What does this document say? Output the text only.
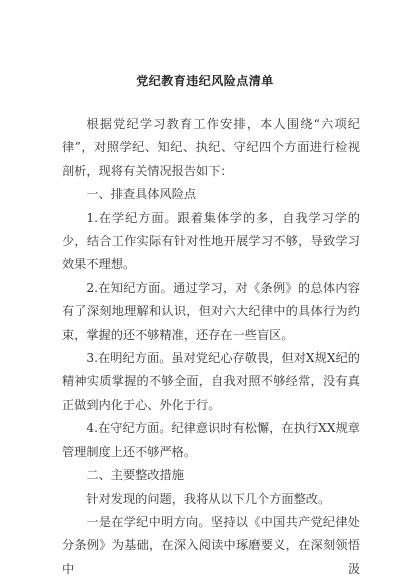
党纪教育违纪风险点清单

根据党纪学习教育工作安排，本人围绕“六项纪律”，对照学纪、知纪、执纪、守纪四个方面进行检视剖析，现将有关情况报告如下：

一、排查具体风险点

1.在学纪方面。跟着集体学的多，自我学习学的少，结合工作实际有针对性地开展学习不够，导致学习效果不理想。

2.在知纪方面。通过学习，对《条例》的总体内容有了深刻地理解和认识，但对六大纪律中的具体行为约束，掌握的还不够精准，还存在一些盲区。

3.在明纪方面。虽对党纪心存敬畏，但对X规X纪的精神实质掌握的不够全面，自我对照不够经常，没有真正做到内化于心、外化于行。

4.在守纪方面。纪律意识时有松懈，在执行XX规章管理制度上还不够严格。

二、主要整改措施

针对发现的问题，我将从以下几个方面整改。

一是在学纪中明方向。坚持以《中国共产党纪律处分条例》为基础，在深入阅读中琢磨要义，在深刻领悟中汲
